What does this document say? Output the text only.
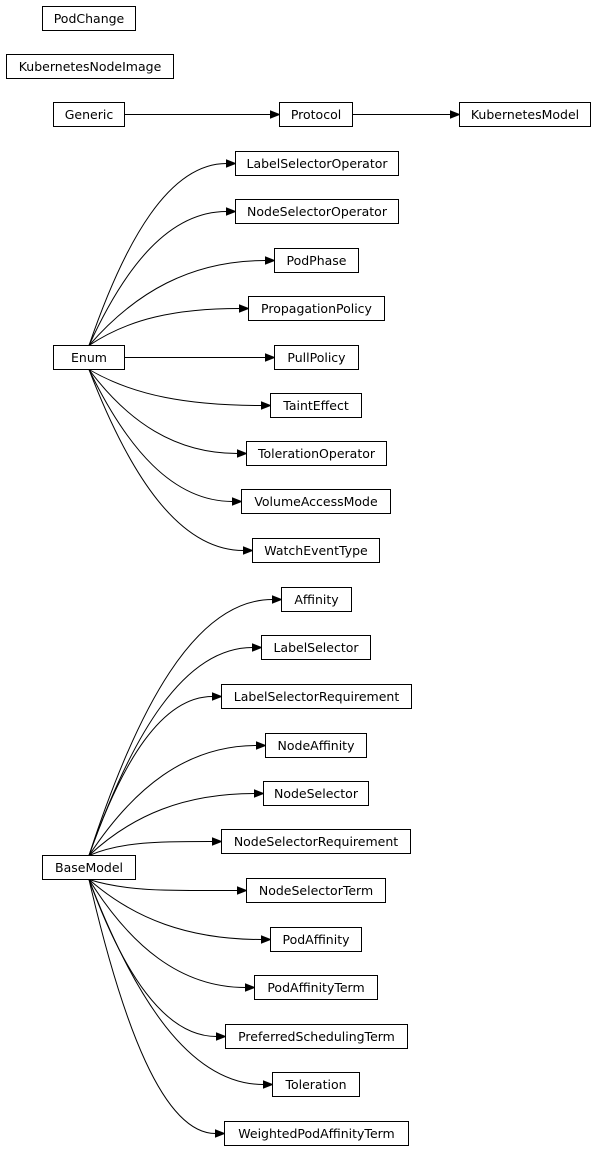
PodChange
KubernetesNodeImage
Generic	Protocol	KubernetesModel
Enum
LabelSelectorOperator
NodeSelectorOperator
PodPhase
PropagationPolicy
PullPolicy
TaintEffect
TolerationOperator
VolumeAccessMode
WatchEventType
BaseModel
Affinity
LabelSelector
LabelSelectorRequirement
NodeAffinity
NodeSelector
NodeSelectorRequirement
NodeSelectorTerm
PodAffinity
PodAffinityTerm
PreferredSchedulingTerm
Toleration
WeightedPodAffinityTerm
